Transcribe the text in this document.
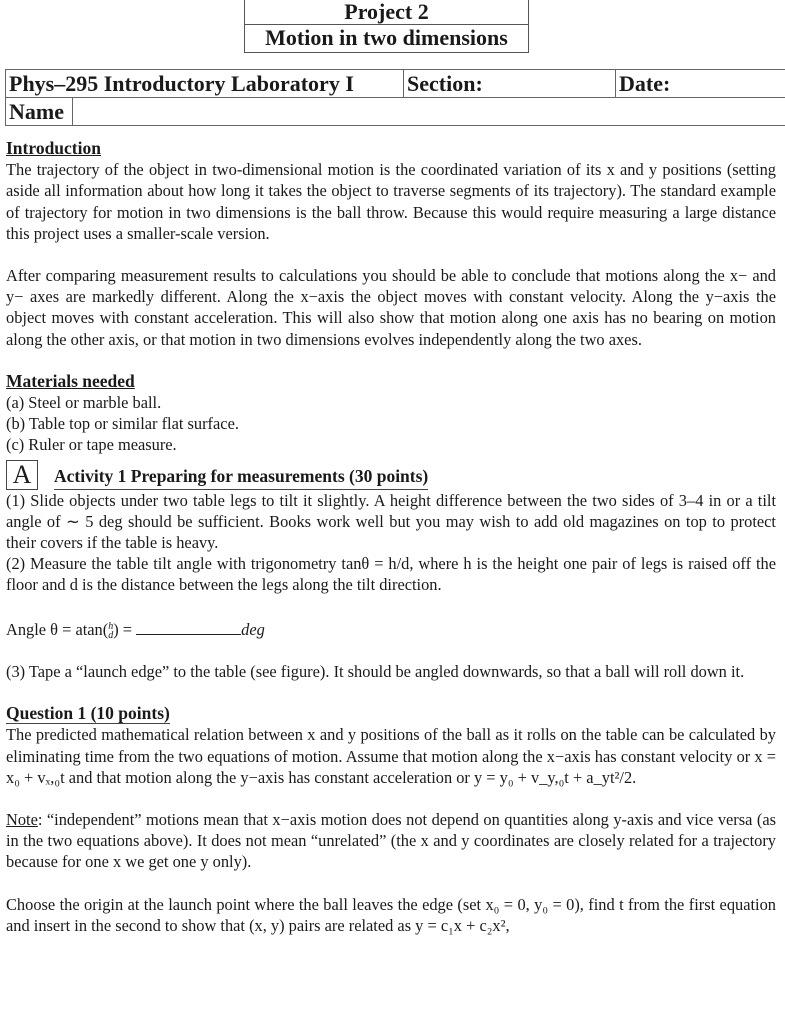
Project 2
Motion in two dimensions
Phys–295 Introductory Laboratory I	Section:	Date:
Name
Introduction

The trajectory of the object in two-dimensional motion is the coordinated variation of its x and y positions (setting aside all information about how long it takes the object to traverse segments of its trajectory). The standard example of trajectory for motion in two dimensions is the ball throw. Because this would require measuring a large distance this project uses a smaller-scale version.

After comparing measurement results to calculations you should be able to conclude that motions along the x− and y− axes are markedly different. Along the x−axis the object moves with constant velocity. Along the y−axis the object moves with constant acceleration. This will also show that motion along one axis has no bearing on motion along the other axis, or that motion in two dimensions evolves independently along the two axes.

Materials needed
(a) Steel or marble ball.
(b) Table top or similar flat surface.
(c) Ruler or tape measure.
A	Activity 1 Preparing for measurements (30 points)

(1) Slide objects under two table legs to tilt it slightly. A height difference between the two sides of 3–4 in or a tilt angle of ∼ 5 deg should be sufficient. Books work well but you may wish to add old magazines on top to protect their covers if the table is heavy.

(2) Measure the table tilt angle with trigonometry tanθ = h/d, where h is the height one pair of legs is raised off the floor and d is the distance between the legs along the tilt direction.

Angle θ = atan(h
d) =	deg

(3) Tape a “launch edge” to the table (see figure). It should be angled downwards, so that a ball will roll down it.

Question 1 (10 points)

The predicted mathematical relation between x and y positions of the ball as it rolls on the table can be calculated by eliminating time from the two equations of motion. Assume that motion along the x−axis has constant velocity or x = x₀ + vₓ,₀t and that motion along the y−axis has constant acceleration or y = y₀ + v_y,₀t + a_yt²/2.

Note: “independent” motions mean that x−axis motion does not depend on quantities along y-axis and vice versa (as in the two equations above). It does not mean “unrelated” (the x and y coordinates are closely related for a trajectory because for one x we get one y only).

Choose the origin at the launch point where the ball leaves the edge (set x₀ = 0, y₀ = 0), find t from the first equation and insert in the second to show that (x, y) pairs are related as y = c₁x + c₂x²,
